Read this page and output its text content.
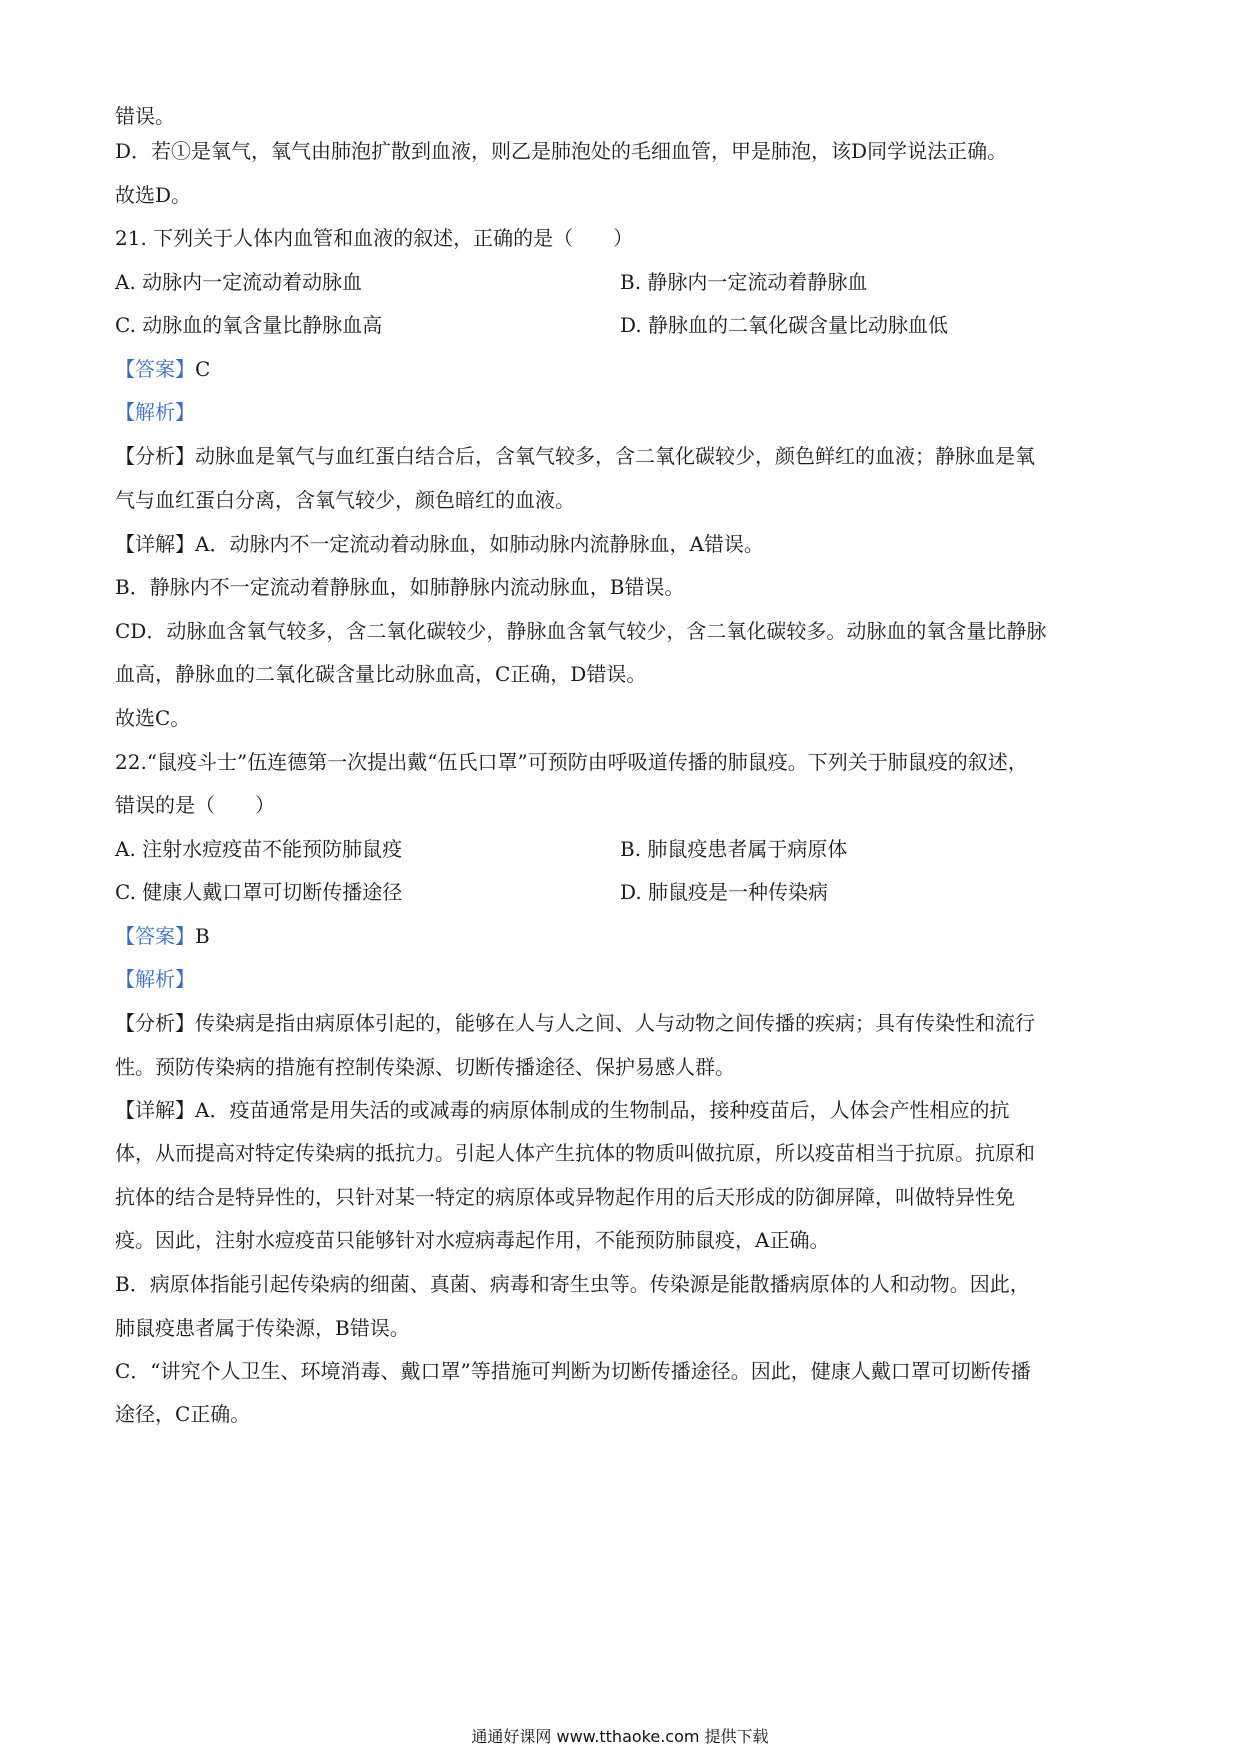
错误。
D．若①是氧气，氧气由肺泡扩散到血液，则乙是肺泡处的毛细血管，甲是肺泡，该D同学说法正确。
故选D。
21. 下列关于人体内血管和血液的叙述，正确的是（　　）
A. 动脉内一定流动着动脉血	B. 静脉内一定流动着静脉血
C. 动脉血的氧含量比静脉血高	D. 静脉血的二氧化碳含量比动脉血低
【答案】C
【解析】
【分析】动脉血是氧气与血红蛋白结合后，含氧气较多，含二氧化碳较少，颜色鲜红的血液；静脉血是氧
气与血红蛋白分离，含氧气较少，颜色暗红的血液。
【详解】A．动脉内不一定流动着动脉血，如肺动脉内流静脉血，A错误。
B．静脉内不一定流动着静脉血，如肺静脉内流动脉血，B错误。
CD．动脉血含氧气较多，含二氧化碳较少，静脉血含氧气较少，含二氧化碳较多。动脉血的氧含量比静脉
血高，静脉血的二氧化碳含量比动脉血高，C正确，D错误。
故选C。
22.“鼠疫斗士”伍连德第一次提出戴“伍氏口罩”可预防由呼吸道传播的肺鼠疫。下列关于肺鼠疫的叙述，
错误的是（　　）
A. 注射水痘疫苗不能预防肺鼠疫	B. 肺鼠疫患者属于病原体
C. 健康人戴口罩可切断传播途径	D. 肺鼠疫是一种传染病
【答案】B
【解析】
【分析】传染病是指由病原体引起的，能够在人与人之间、人与动物之间传播的疾病；具有传染性和流行
性。预防传染病的措施有控制传染源、切断传播途径、保护易感人群。
【详解】A．疫苗通常是用失活的或减毒的病原体制成的生物制品，接种疫苗后，人体会产性相应的抗
体，从而提高对特定传染病的抵抗力。引起人体产生抗体的物质叫做抗原，所以疫苗相当于抗原。抗原和
抗体的结合是特异性的，只针对某一特定的病原体或异物起作用的后天形成的防御屏障，叫做特异性免
疫。因此，注射水痘疫苗只能够针对水痘病毒起作用，不能预防肺鼠疫，A正确。
B．病原体指能引起传染病的细菌、真菌、病毒和寄生虫等。传染源是能散播病原体的人和动物。因此，
肺鼠疫患者属于传染源，B错误。
C．“讲究个人卫生、环境消毒、戴口罩”等措施可判断为切断传播途径。因此，健康人戴口罩可切断传播
途径，C正确。
通通好课网 www.tthaoke.com 提供下载
